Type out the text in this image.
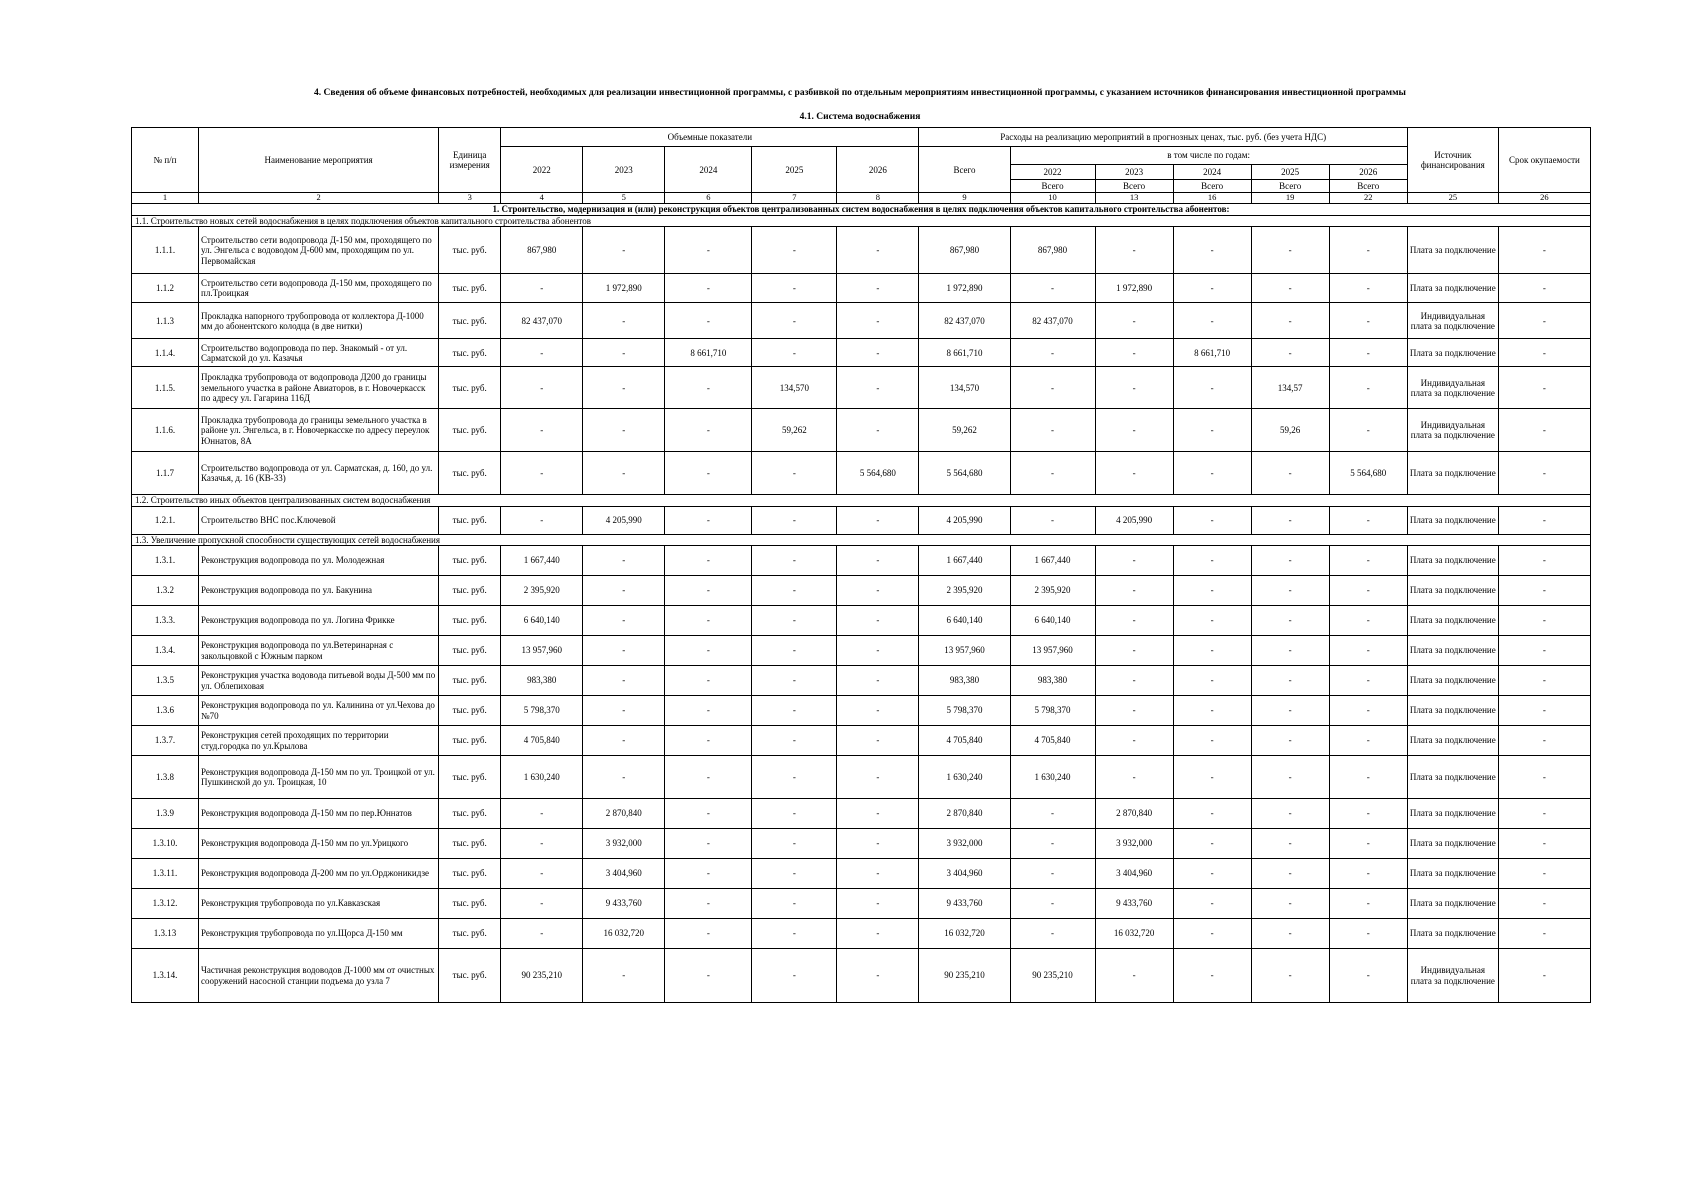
4. Сведения об объеме финансовых потребностей, необходимых для реализации инвестиционной программы, с разбивкой по отдельным мероприятиям инвестиционной программы, с указанием источников финансирования инвестиционной программы
4.1. Система водоснабжения
№ п/п	Наименование мероприятия	Единица измерения	Объемные показатели					Расходы на реализацию мероприятий в прогнозных ценах, тыс. руб. (без учета НДС)						Источник финансирования	Срок окупаемости
			2022	2023	2024	2025	2026	Всего	в том числе по годам:						
									2022	2023	2024	2025	2026		
									Всего	Всего	Всего	Всего	Всего		
1	2	3	4	5	6	7	8	9	10	13	16	19	22	25	26
1. Строительство, модернизация и (или) реконструкция объектов централизованных систем водоснабжения в целях подключения объектов капитального строительства абонентов:															
1.1. Строительство новых сетей водоснабжения в целях подключения объектов капитального строительства абонентов															
1.1.1.	Строительство сети водопровода Д-150 мм, проходящего по ул. Энгельса с водоводом Д-600 мм, проходящим по ул. Первомайская	тыс. руб.	867,980	-	-	-	-	867,980	867,980	-	-	-	-	Плата за подключение	-
1.1.2	Строительство сети водопровода Д-150 мм, проходящего по пл.Троицкая	тыс. руб.	-	1 972,890	-	-	-	1 972,890	-	1 972,890	-	-	-	Плата за подключение	-
1.1.3	Прокладка напорного трубопровода от коллектора Д-1000 мм до абонентского колодца (в две нитки)	тыс. руб.	82 437,070	-	-	-	-	82 437,070	82 437,070	-	-	-	-	Индивидуальная плата за подключение	-
1.1.4.	Строительство водопровода по пер. Знакомый - от ул. Сарматской до ул. Казачья	тыс. руб.	-	-	8 661,710	-	-	8 661,710	-	-	8 661,710	-	-	Плата за подключение	-
1.1.5.	Прокладка трубопровода от водопровода Д200 до границы земельного участка в районе Авиаторов, в г. Новочеркасск по адресу ул. Гагарина 116Д	тыс. руб.	-	-	-	134,570	-	134,570	-	-	-	134,57	-	Индивидуальная плата за подключение	-
1.1.6.	Прокладка трубопровода до границы земельного участка в районе ул. Энгельса, в г. Новочеркасске по адресу переулок Юннатов, 8А	тыс. руб.	-	-	-	59,262	-	59,262	-	-	-	59,26	-	Индивидуальная плата за подключение	-
1.1.7	Строительство водопровода от ул. Сарматская, д. 160, до ул. Казачья, д. 16 (КВ-33)	тыс. руб.	-	-	-	-	5 564,680	5 564,680	-	-	-	-	5 564,680	Плата за подключение	-
1.2. Строительство иных объектов централизованных систем водоснабжения															
1.2.1.	Строительство ВНС пос.Ключевой	тыс. руб.	-	4 205,990	-	-	-	4 205,990	-	4 205,990	-	-	-	Плата за подключение	-
1.3. Увеличение пропускной способности существующих сетей водоснабжения															
1.3.1.	Реконструкция водопровода по ул. Молодежная	тыс. руб.	1 667,440	-	-	-	-	1 667,440	1 667,440	-	-	-	-	Плата за подключение	-
1.3.2	Реконструкция водопровода по ул. Бакунина	тыс. руб.	2 395,920	-	-	-	-	2 395,920	2 395,920	-	-	-	-	Плата за подключение	-
1.3.3.	Реконструкция водопровода по ул. Логина Фрикке	тыс. руб.	6 640,140	-	-	-	-	6 640,140	6 640,140	-	-	-	-	Плата за подключение	-
1.3.4.	Реконструкция водопровода по ул.Ветеринарная с закольцовкой с Южным парком	тыс. руб.	13 957,960	-	-	-	-	13 957,960	13 957,960	-	-	-	-	Плата за подключение	-
1.3.5	Реконструкция участка водовода питьевой воды Д-500 мм по ул. Облепиховая	тыс. руб.	983,380	-	-	-	-	983,380	983,380	-	-	-	-	Плата за подключение	-
1.3.6	Реконструкция водопровода по ул. Калинина от ул.Чехова до №70	тыс. руб.	5 798,370	-	-	-	-	5 798,370	5 798,370	-	-	-	-	Плата за подключение	-
1.3.7.	Реконструкция сетей проходящих по территории студ.городка по ул.Крылова	тыс. руб.	4 705,840	-	-	-	-	4 705,840	4 705,840	-	-	-	-	Плата за подключение	-
1.3.8	Реконструкция водопровода Д-150 мм по ул. Троицкой от ул. Пушкинской до ул. Троицкая, 10	тыс. руб.	1 630,240	-	-	-	-	1 630,240	1 630,240	-	-	-	-	Плата за подключение	-
1.3.9	Реконструкция водопровода Д-150 мм по пер.Юннатов	тыс. руб.	-	2 870,840	-	-	-	2 870,840	-	2 870,840	-	-	-	Плата за подключение	-
1.3.10.	Реконструкция водопровода Д-150 мм по ул.Урицкого	тыс. руб.	-	3 932,000	-	-	-	3 932,000	-	3 932,000	-	-	-	Плата за подключение	-
1.3.11.	Реконструкция водопровода Д-200 мм по ул.Орджоникидзе	тыс. руб.	-	3 404,960	-	-	-	3 404,960	-	3 404,960	-	-	-	Плата за подключение	-
1.3.12.	Реконструкция трубопровода по ул.Кавказская	тыс. руб.	-	9 433,760	-	-	-	9 433,760	-	9 433,760	-	-	-	Плата за подключение	-
1.3.13	Реконструкция трубопровода по ул.Щорса Д-150 мм	тыс. руб.	-	16 032,720	-	-	-	16 032,720	-	16 032,720	-	-	-	Плата за подключение	-
1.3.14.	Частичная реконструкция водоводов Д-1000 мм от очистных сооружений насосной станции подъема до узла 7	тыс. руб.	90 235,210	-	-	-	-	90 235,210	90 235,210	-	-	-	-	Индивидуальная плата за подключение	-
